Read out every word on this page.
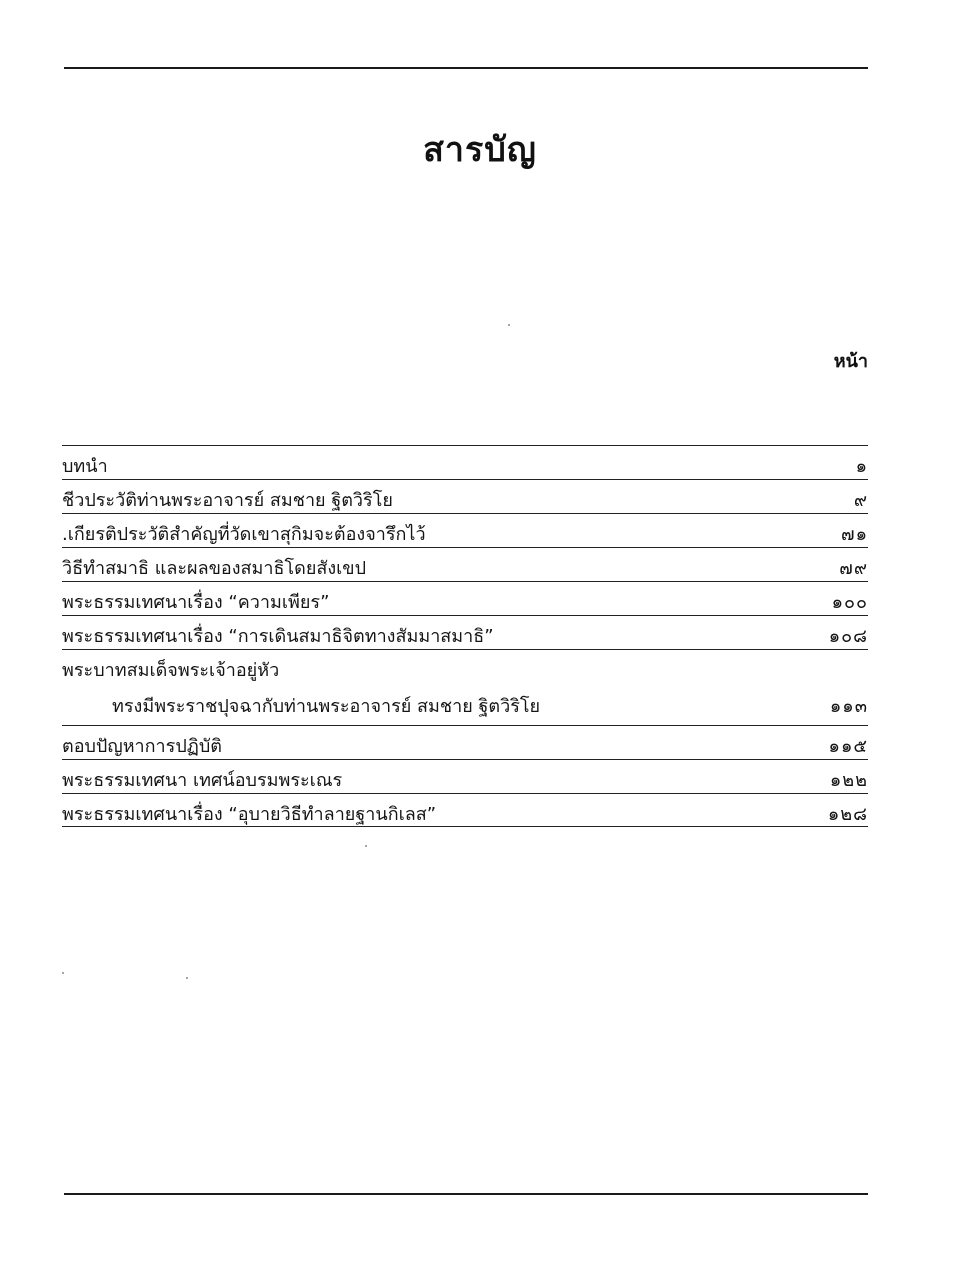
สารบัญ
หน้า
บทนำ	๑
ชีวประวัติท่านพระอาจารย์ สมชาย ฐิตวิริโย	๙
.เกียรติประวัติสำคัญที่วัดเขาสุกิมจะต้องจารึกไว้	๗๑
วิธีทำสมาธิ และผลของสมาธิโดยสังเขป	๗๙
พระธรรมเทศนาเรื่อง “ความเพียร”	๑๐๐
พระธรรมเทศนาเรื่อง “การเดินสมาธิจิตทางสัมมาสมาธิ”	๑๐๘
พระบาทสมเด็จพระเจ้าอยู่หัว
ทรงมีพระราชปุจฉากับท่านพระอาจารย์ สมชาย ฐิตวิริโย	๑๑๓
ตอบปัญหาการปฏิบัติ	๑๑๕
พระธรรมเทศนา เทศน์อบรมพระเณร	๑๒๒
พระธรรมเทศนาเรื่อง “อุบายวิธีทำลายฐานกิเลส”	๑๒๘
